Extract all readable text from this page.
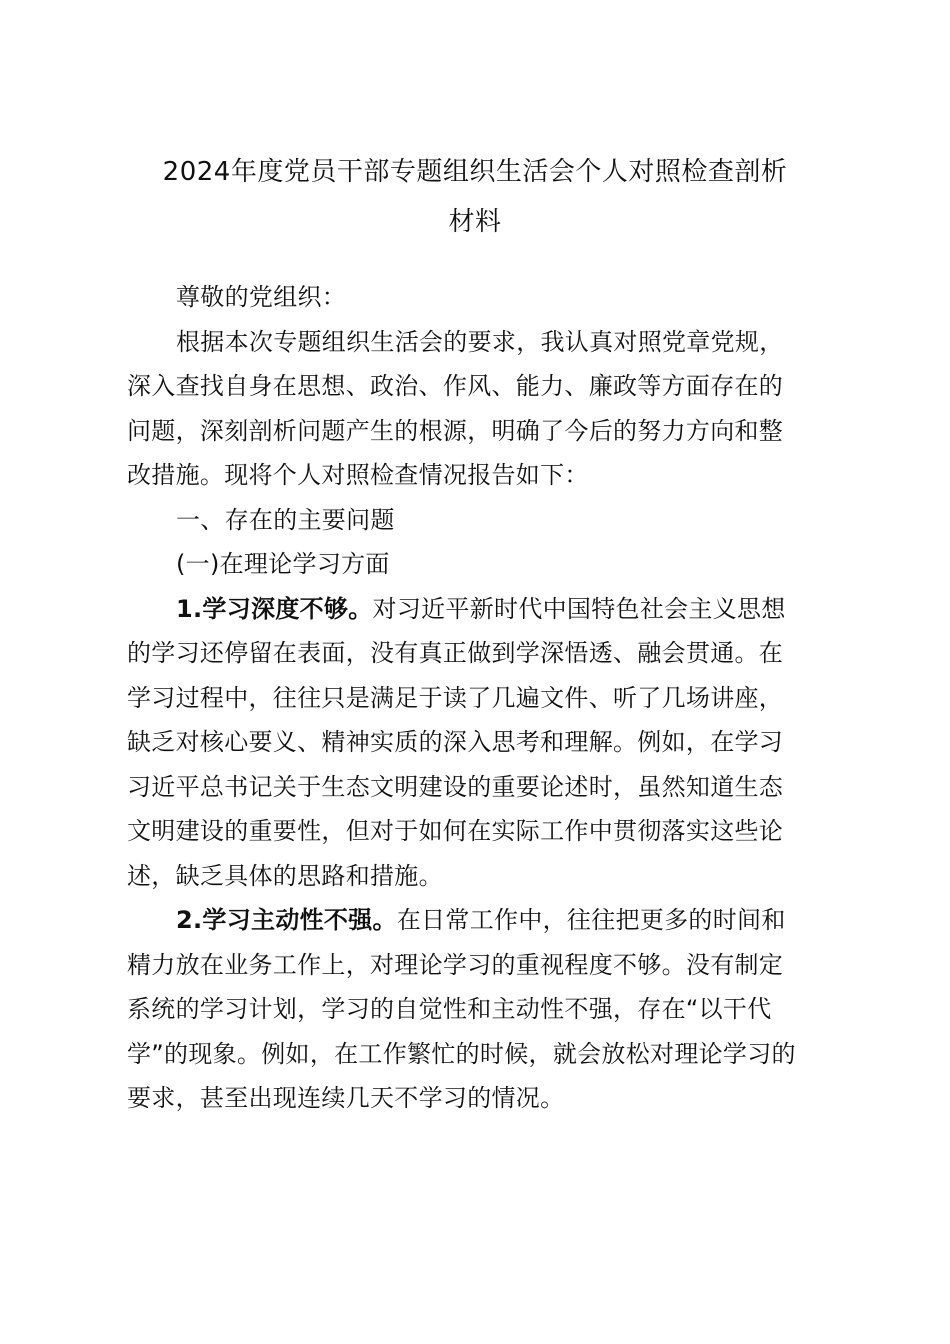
2024年度党员干部专题组织生活会个人对照检查剖析
材料
尊敬的党组织：
根据本次专题组织生活会的要求，我认真对照党章党规，
深入查找自身在思想、政治、作风、能力、廉政等方面存在的
问题，深刻剖析问题产生的根源，明确了今后的努力方向和整
改措施。现将个人对照检查情况报告如下：
一、存在的主要问题
(一)在理论学习方面
1.学习深度不够。对习近平新时代中国特色社会主义思想
的学习还停留在表面，没有真正做到学深悟透、融会贯通。在
学习过程中，往往只是满足于读了几遍文件、听了几场讲座，
缺乏对核心要义、精神实质的深入思考和理解。例如，在学习
习近平总书记关于生态文明建设的重要论述时，虽然知道生态
文明建设的重要性，但对于如何在实际工作中贯彻落实这些论
述，缺乏具体的思路和措施。
2.学习主动性不强。在日常工作中，往往把更多的时间和
精力放在业务工作上，对理论学习的重视程度不够。没有制定
系统的学习计划，学习的自觉性和主动性不强，存在“以干代
学”的现象。例如，在工作繁忙的时候，就会放松对理论学习的
要求，甚至出现连续几天不学习的情况。
